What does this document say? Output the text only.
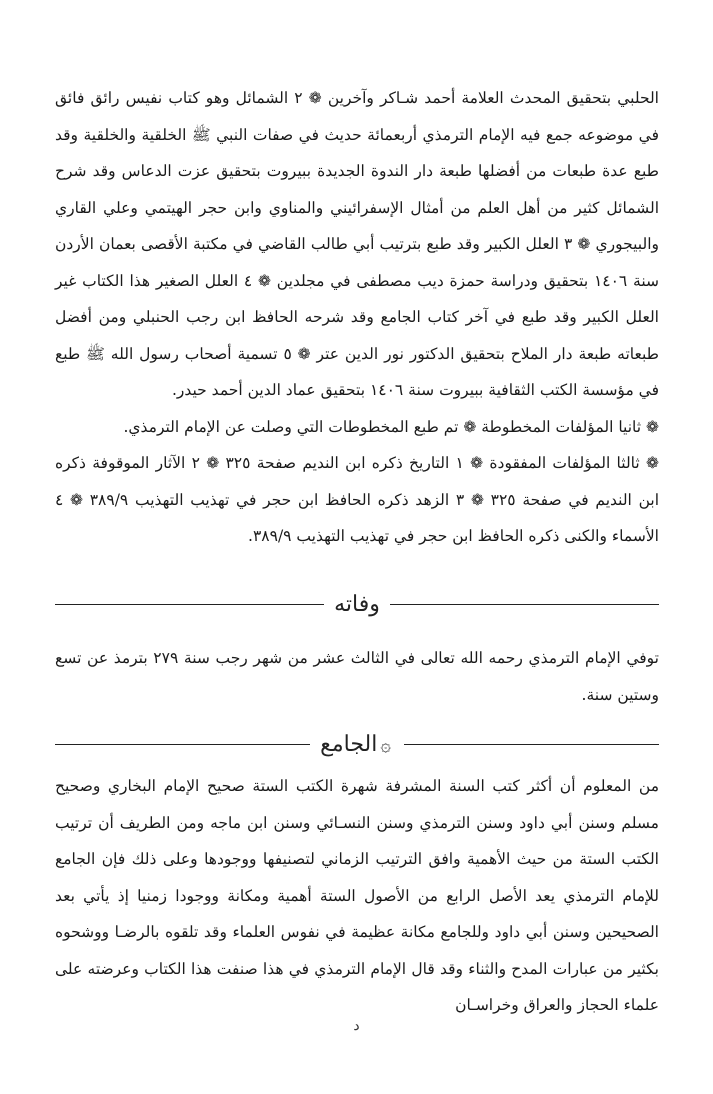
الحلبي بتحقيق المحدث العلامة أحمد شـاكر وآخرين ❁ ٢ الشمائل وهو كتاب نفيس رائق فائق في موضوعه جمع فيه الإمام الترمذي أربعمائة حديث في صفات النبي ﷺ الخلقية والخلقية وقد طبع عدة طبعات من أفضلها طبعة دار الندوة الجديدة ببيروت بتحقيق عزت الدعاس وقد شرح الشمائل كثير من أهل العلم من أمثال الإسفرائيني والمناوي وابن حجر الهيتمي وعلي القاري والبيجوري ❁ ٣ العلل الكبير وقد طبع بترتيب أبي طالب القاضي في مكتبة الأقصى بعمان الأردن سنة ١٤٠٦ بتحقيق ودراسة حمزة ديب مصطفى في مجلدين ❁ ٤ العلل الصغير هذا الكتاب غير العلل الكبير وقد طبع في آخر كتاب الجامع وقد شرحه الحافظ ابن رجب الحنبلي ومن أفضل طبعاته طبعة دار الملاح بتحقيق الدكتور نور الدين عتر ❁ ٥ تسمية أصحاب رسول الله ﷺ طبع في مؤسسة الكتب الثقافية ببيروت سنة ١٤٠٦ بتحقيق عماد الدين أحمد حيدر.

❁ ثانيا المؤلفات المخطوطة ❁ تم طبع المخطوطات التي وصلت عن الإمام الترمذي.

❁ ثالثا المؤلفات المفقودة ❁ ١ التاريخ ذكره ابن النديم صفحة ٣٢٥ ❁ ٢ الآثار الموقوفة ذكره ابن النديم في صفحة ٣٢٥ ❁ ٣ الزهد ذكره الحافظ ابن حجر في تهذيب التهذيب ٣٨٩/٩ ❁ ٤ الأسماء والكنى ذكره الحافظ ابن حجر في تهذيب التهذيب ٣٨٩/٩.

وفاته

توفي الإمام الترمذي رحمه الله تعالى في الثالث عشر من شهر رجب سنة ٢٧٩ بترمذ عن تسع وستين سنة.

۞الجامع

من المعلوم أن أكثر كتب السنة المشرفة شهرة الكتب الستة صحيح الإمام البخاري وصحيح مسلم وسنن أبي داود وسنن الترمذي وسنن النسـائي وسنن ابن ماجه ومن الطريف أن ترتيب الكتب الستة من حيث الأهمية وافق الترتيب الزماني لتصنيفها ووجودها وعلى ذلك فإن الجامع للإمام الترمذي يعد الأصل الرابع من الأصول الستة أهمية ومكانة ووجودا زمنيا إذ يأتي بعد الصحيحين وسنن أبي داود وللجامع مكانة عظيمة في نفوس العلماء وقد تلقوه بالرضـا ووشحوه بكثير من عبارات المدح والثناء وقد قال الإمام الترمذي في هذا صنفت هذا الكتاب وعرضته على علماء الحجاز والعراق وخراسـان

د
